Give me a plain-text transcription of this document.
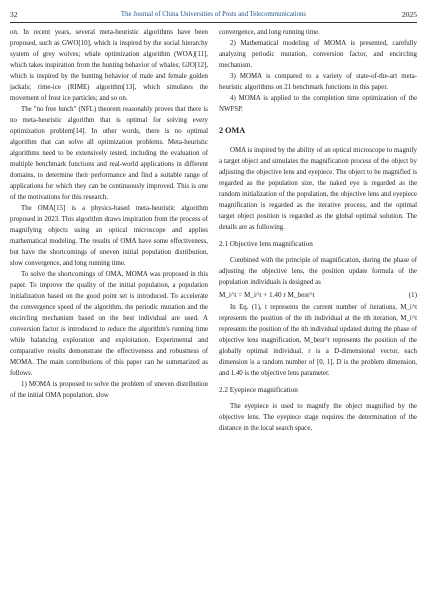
32	The Journal of China Universities of Posts and Telecommunications	2025

on. In recent years, several meta-heuristic algorithms have been proposed, such as GWO[10], which is inspired by the social hierarchy system of grey wolves; whale optimization algorithm (WOA)[11], which takes inspiration from the hunting behavior of whales; GJO[12], which is inspired by the hunting behavior of male and female golden jackals; rime-ice (RIME) algorithm[13], which simulates the movement of frost ice particles; and so on.

The "no free lunch" (NFL) theorem reasonably proves that there is no meta-heuristic algorithm that is optimal for solving every optimization problem[14]. In other words, there is no optimal algorithm that can solve all optimization problems. Meta-heuristic algorithms need to be extensively tested, including the evaluation of multiple benchmark functions and real-world applications in different domains, to determine their performance and find a suitable range of applications for which they can be continuously improved. This is one of the motivations for this research.

The OMA[15] is a physics-based meta-heuristic algorithm proposed in 2023. This algorithm draws inspiration from the process of magnifying objects using an optical microscope and applies mathematical modeling. The results of OMA have some effectiveness, but have the shortcomings of uneven initial population distribution, slow convergence, and long running time.

To solve the shortcomings of OMA, MOMA was proposed in this paper. To improve the quality of the initial population, a population initialization based on the good point set is introduced. To accelerate the convergence speed of the algorithm, the periodic mutation and the encircling mechanism based on the best individual are used. A conversion factor is introduced to reduce the algorithm's running time while balancing exploration and exploitation. Experimental and comparative results demonstrate the effectiveness and robustness of MOMA. The main contributions of this paper can be summarized as follows.

1) MOMA is proposed to solve the problem of uneven distribution of the initial OMA population, slow

convergence, and long running time.

2) Mathematical modeling of MOMA is presented, carefully analyzing periodic mutation, conversion factor, and encircling mechanism.

3) MOMA is compared to a variety of state-of-the-art meta-heuristic algorithms on 21 benchmark functions in this paper.

4) MOMA is applied to the completion time optimization of the NWFSP.

2 OMA

OMA is inspired by the ability of an optical microscope to magnify a target object and simulates the magnification process of the object by adjusting the objective lens and eyepiece. The object to be magnified is regarded as the population size, the naked eye is regarded as the random initialization of the population, the objective lens and eyepiece magnification is regarded as the iterative process, and the optimal target object position is regarded as the global optimal solution. The details are as following.

2.1 Objective lens magnification

Combined with the principle of magnification, during the phase of adjusting the objective lens, the position update formula of the population individuals is designed as

M_i^t = M_i^t + 1.40 r M_best^t	(1)

In Eq. (1), t represents the current number of iterations, M_i^t represents the position of the ith individual at the tth iteration, M_i^t represents the position of the ith individual updated during the phase of objective lens magnification, M_best^t represents the position of the globally optimal individual, r is a D-dimensional vector, each dimension is a random number of [0, 1], D is the problem dimension, and 1.40 is the objective lens parameter.

2.2 Eyepiece magnification

The eyepiece is used to magnify the object magnified by the objective lens. The eyepiece stage requires the determination of the distance in the local search space,
